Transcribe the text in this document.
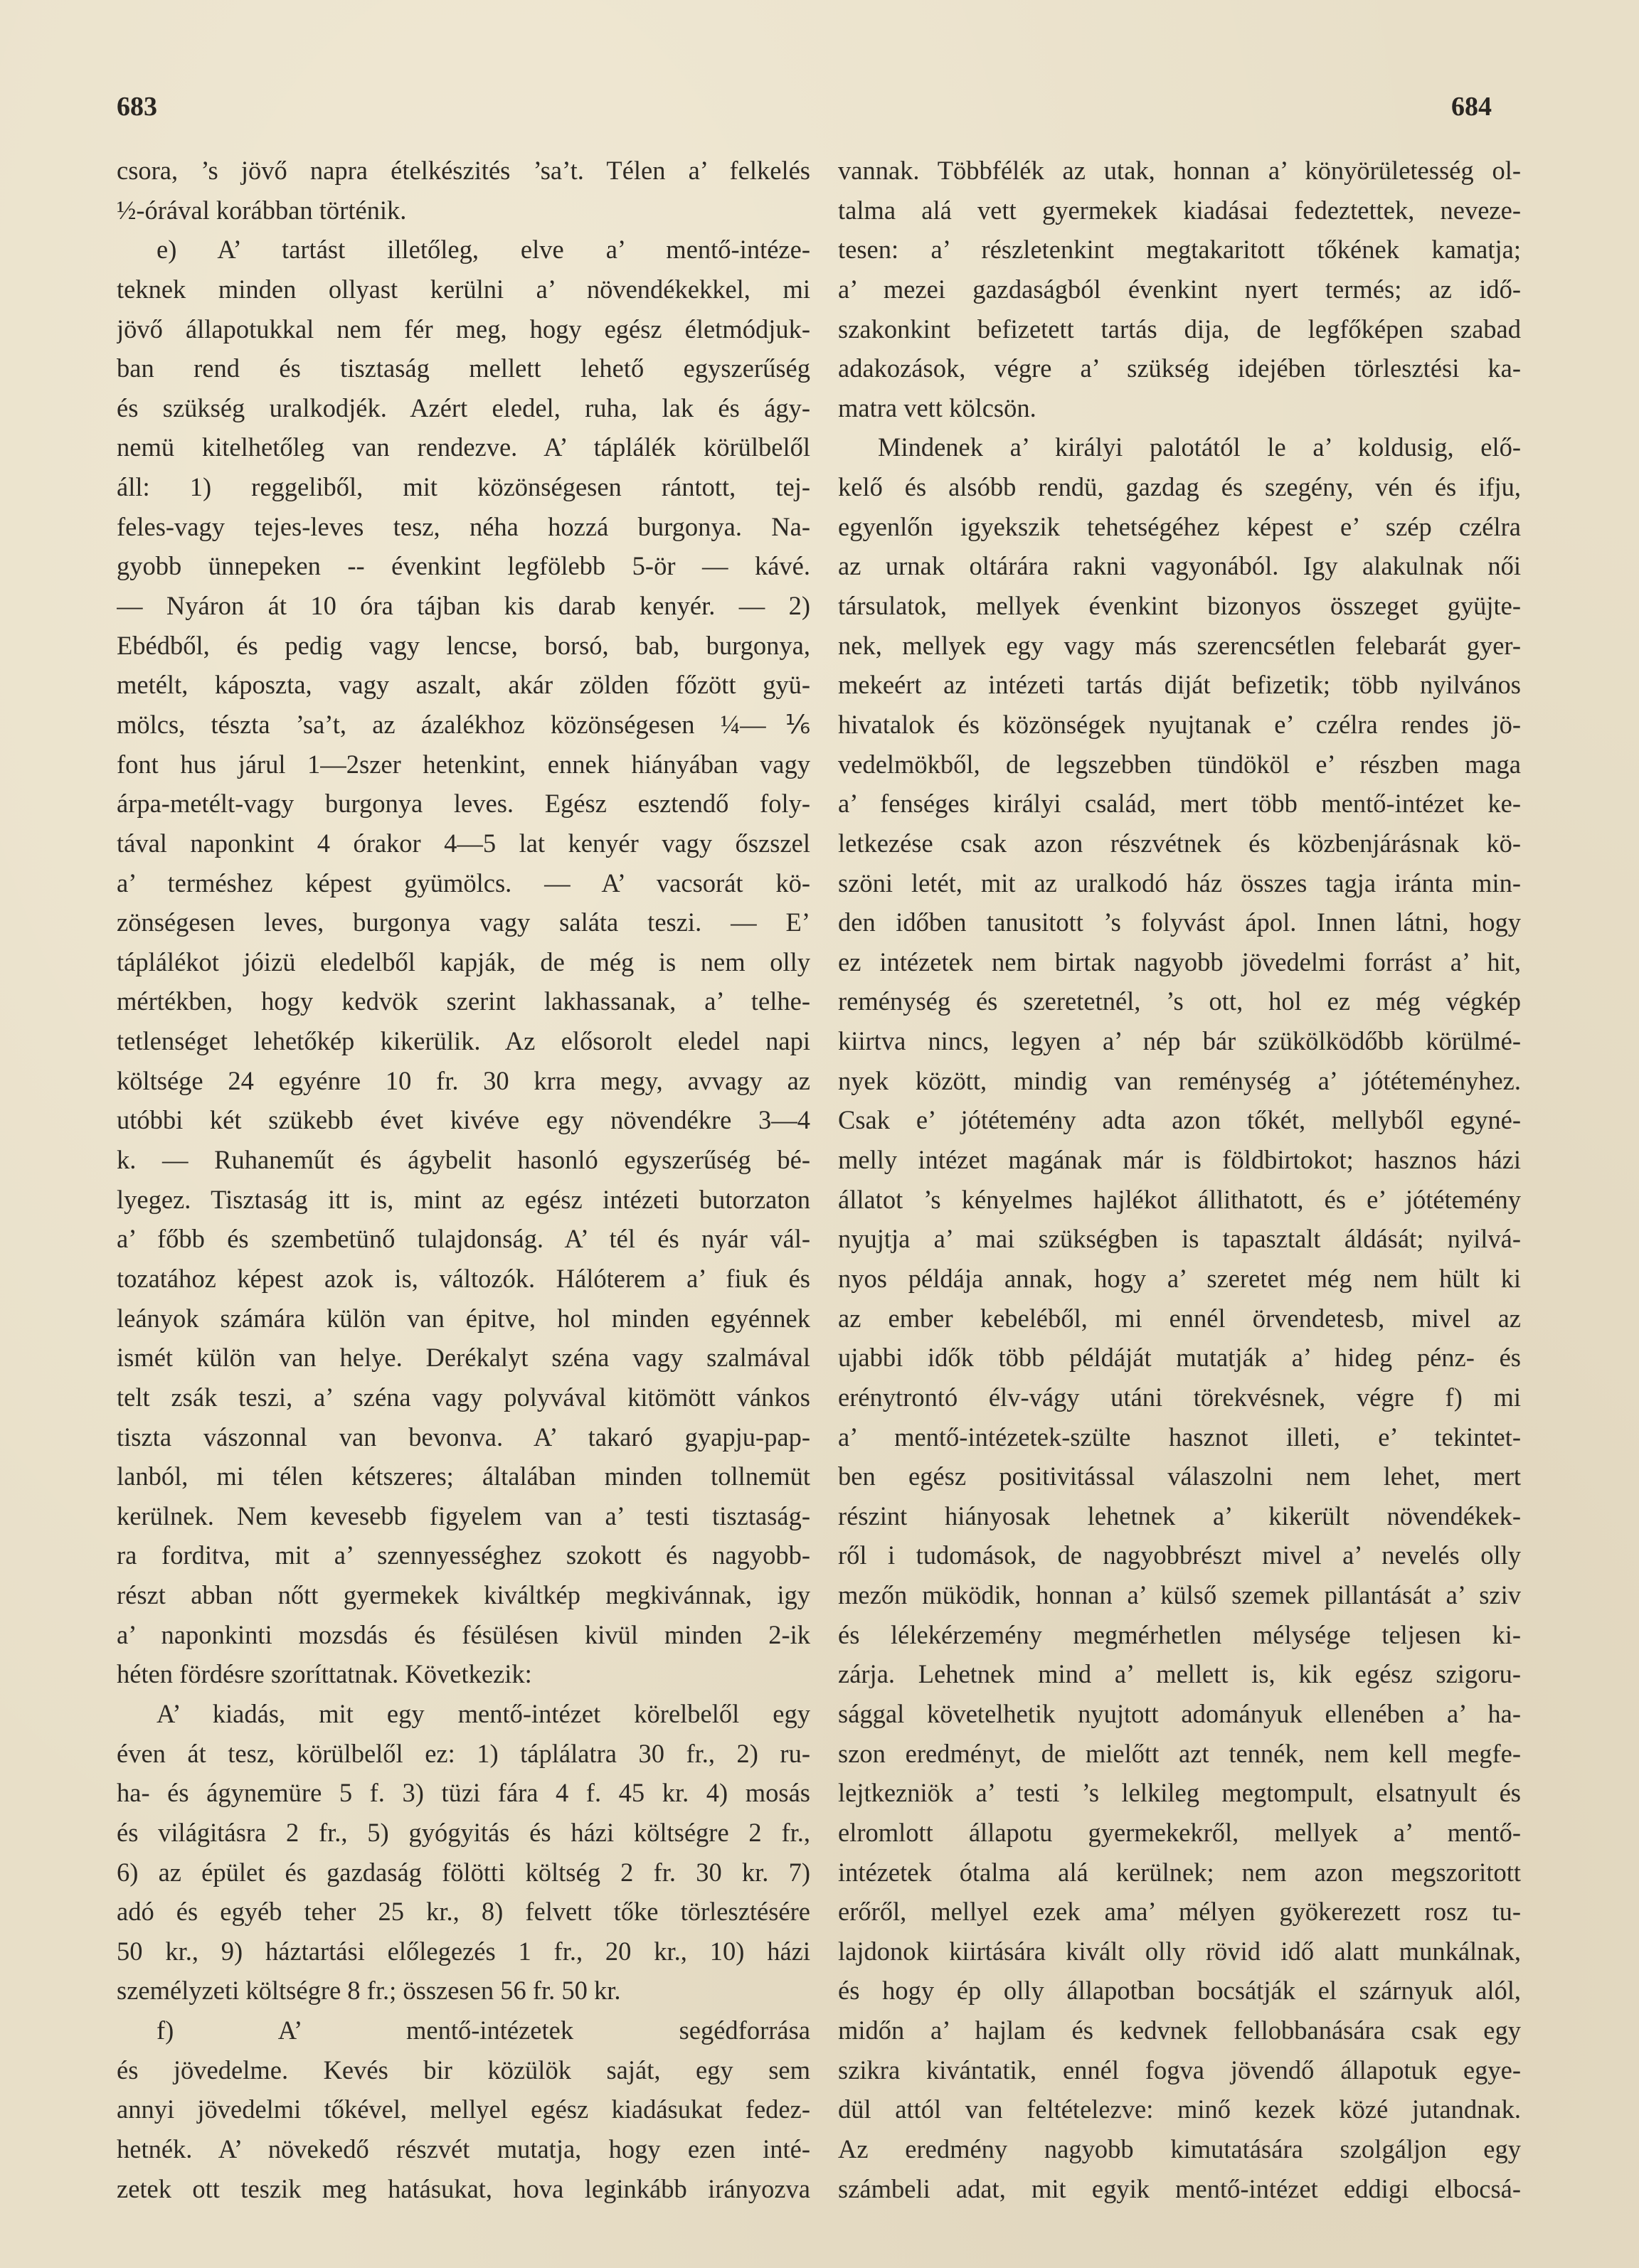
683	684
csora, ’s jövő napra ételkészités ’sa’t. Télen a’ felkelés
½-órával korábban történik.
e) A’ tartást illetőleg, elve a’ mentő-intéze-
teknek minden ollyast kerülni a’ növendékekkel, mi
jövő állapotukkal nem fér meg, hogy egész életmódjuk-
ban rend és tisztaság mellett lehető egyszerűség
és szükség uralkodjék. Azért eledel, ruha, lak és ágy-
nemü kitelhetőleg van rendezve. A’ táplálék körülbelől
áll: 1) reggeliből, mit közönségesen rántott, tej-
feles-vagy tejes-leves tesz, néha hozzá burgonya. Na-
gyobb ünnepeken -- évenkint legfölebb 5-ör — kávé.
— Nyáron át 10 óra tájban kis darab kenyér. — 2)
Ebédből, és pedig vagy lencse, borsó, bab, burgonya,
metélt, káposzta, vagy aszalt, akár zölden főzött gyü-
mölcs, tészta ’sa’t, az ázalékhoz közönségesen ¼—⅙
font hus járul 1—2szer hetenkint, ennek hiányában vagy
árpa-metélt-vagy burgonya leves. Egész esztendő foly-
tával naponkint 4 órakor 4—5 lat kenyér vagy őszszel
a’ terméshez képest gyümölcs. — A’ vacsorát kö-
zönségesen leves, burgonya vagy saláta teszi. — E’
táplálékot jóizü eledelből kapják, de még is nem olly
mértékben, hogy kedvök szerint lakhassanak, a’ telhe-
tetlenséget lehetőkép kikerülik. Az elősorolt eledel napi
költsége 24 egyénre 10 fr. 30 krra megy, avvagy az
utóbbi két szükebb évet kivéve egy növendékre 3—4
k. — Ruhaneműt és ágybelit hasonló egyszerűség bé-
lyegez. Tisztaság itt is, mint az egész intézeti butorzaton
a’ főbb és szembetünő tulajdonság. A’ tél és nyár vál-
tozatához képest azok is, változók. Hálóterem a’ fiuk és
leányok számára külön van épitve, hol minden egyénnek
ismét külön van helye. Derékalyt széna vagy szalmával
telt zsák teszi, a’ széna vagy polyvával kitömött vánkos
tiszta vászonnal van bevonva. A’ takaró gyapju-pap-
lanból, mi télen kétszeres; általában minden tollnemüt
kerülnek. Nem kevesebb figyelem van a’ testi tisztaság-
ra forditva, mit a’ szennyességhez szokott és nagyobb-
részt abban nőtt gyermekek kiváltkép megkivánnak, igy
a’ naponkinti mozsdás és fésülésen kivül minden 2-ik
héten fördésre szoríttatnak. Következik:
A’ kiadás, mit egy mentő-intézet körelbelől egy
éven át tesz, körülbelől ez: 1) táplálatra 30 fr., 2) ru-
ha- és ágynemüre 5 f. 3) tüzi fára 4 f. 45 kr. 4) mosás
és világitásra 2 fr., 5) gyógyitás és házi költségre 2 fr.,
6) az épület és gazdaság fölötti költség 2 fr. 30 kr. 7)
adó és egyéb teher 25 kr., 8) felvett tőke törlesztésére
50 kr., 9) háztartási előlegezés 1 fr., 20 kr., 10) házi
személyzeti költségre 8 fr.; összesen 56 fr. 50 kr.
f) A’ mentő-intézetek segédforrása
és jövedelme. Kevés bir közülök saját, egy sem
annyi jövedelmi tőkével, mellyel egész kiadásukat fedez-
hetnék. A’ növekedő részvét mutatja, hogy ezen inté-
zetek ott teszik meg hatásukat, hova leginkább irányozva
vannak. Többfélék az utak, honnan a’ könyörületesség ol-
talma alá vett gyermekek kiadásai fedeztettek, neveze-
tesen: a’ részletenkint megtakaritott tőkének kamatja;
a’ mezei gazdaságból évenkint nyert termés; az idő-
szakonkint befizetett tartás dija, de legfőképen szabad
adakozások, végre a’ szükség idejében törlesztési ka-
matra vett kölcsön.
Mindenek a’ királyi palotától le a’ koldusig, elő-
kelő és alsóbb rendü, gazdag és szegény, vén és ifju,
egyenlőn igyekszik tehetségéhez képest e’ szép czélra
az urnak oltárára rakni vagyonából. Igy alakulnak női
társulatok, mellyek évenkint bizonyos összeget gyüjte-
nek, mellyek egy vagy más szerencsétlen felebarát gyer-
mekeért az intézeti tartás diját befizetik; több nyilvános
hivatalok és közönségek nyujtanak e’ czélra rendes jö-
vedelmökből, de legszebben tündököl e’ részben maga
a’ fenséges királyi család, mert több mentő-intézet ke-
letkezése csak azon részvétnek és közbenjárásnak kö-
szöni letét, mit az uralkodó ház összes tagja iránta min-
den időben tanusitott ’s folyvást ápol. Innen látni, hogy
ez intézetek nem birtak nagyobb jövedelmi forrást a’ hit,
reménység és szeretetnél, ’s ott, hol ez még végkép
kiirtva nincs, legyen a’ nép bár szükölködőbb körülmé-
nyek között, mindig van reménység a’ jótéteményhez.
Csak e’ jótétemény adta azon tőkét, mellyből egyné-
melly intézet magának már is földbirtokot; hasznos házi
állatot ’s kényelmes hajlékot állithatott, és e’ jótétemény
nyujtja a’ mai szükségben is tapasztalt áldását; nyilvá-
nyos példája annak, hogy a’ szeretet még nem hült ki
az ember kebeléből, mi ennél örvendetesb, mivel az
ujabbi idők több példáját mutatják a’ hideg pénz- és
erénytrontó élv-vágy utáni törekvésnek, végre f) mi
a’ mentő-intézetek-szülte hasznot illeti, e’ tekintet-
ben egész positivitással válaszolni nem lehet, mert
részint hiányosak lehetnek a’ kikerült növendékek-
ről i tudomások, de nagyobbrészt mivel a’ nevelés olly
mezőn müködik, honnan a’ külső szemek pillantását a’ sziv
és lélekérzemény megmérhetlen mélysége teljesen ki-
zárja. Lehetnek mind a’ mellett is, kik egész szigoru-
sággal követelhetik nyujtott adományuk ellenében a’ ha-
szon eredményt, de mielőtt azt tennék, nem kell megfe-
lejtkezniök a’ testi ’s lelkileg megtompult, elsatnyult és
elromlott állapotu gyermekekről, mellyek a’ mentő-
intézetek ótalma alá kerülnek; nem azon megszoritott
erőről, mellyel ezek ama’ mélyen gyökerezett rosz tu-
lajdonok kiirtására kivált olly rövid idő alatt munkálnak,
és hogy ép olly állapotban bocsátják el szárnyuk alól,
midőn a’ hajlam és kedvnek fellobbanására csak egy
szikra kivántatik, ennél fogva jövendő állapotuk egye-
dül attól van feltételezve: minő kezek közé jutandnak.
Az eredmény nagyobb kimutatására szolgáljon egy
számbeli adat, mit egyik mentő-intézet eddigi elbocsá-
